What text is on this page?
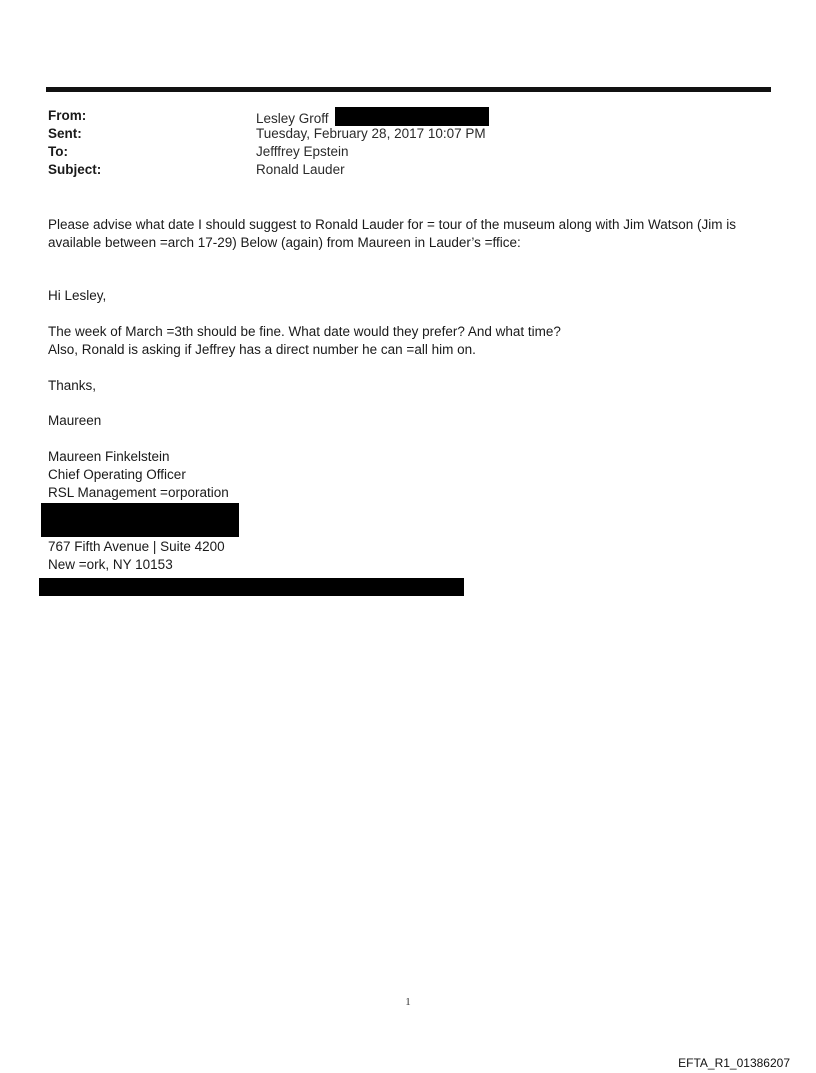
From:	Lesley Groff
Sent:	Tuesday, February 28, 2017 10:07 PM
To:	Jefffrey Epstein
Subject:	Ronald Lauder
Please advise what date I should suggest to Ronald Lauder for = tour of the museum along with Jim Watson (Jim is
available between =arch 17-29) Below (again) from Maureen in Lauder’s =ffice:
Hi Lesley,
The week of March =3th should be fine. What date would they prefer? And what time?
Also, Ronald is asking if Jeffrey has a direct number he can =all him on.
Thanks,
Maureen
Maureen Finkelstein
Chief Operating Officer
RSL Management =orporation
767 Fifth Avenue | Suite 4200
New =ork, NY 10153
1
EFTA_R1_01386207
